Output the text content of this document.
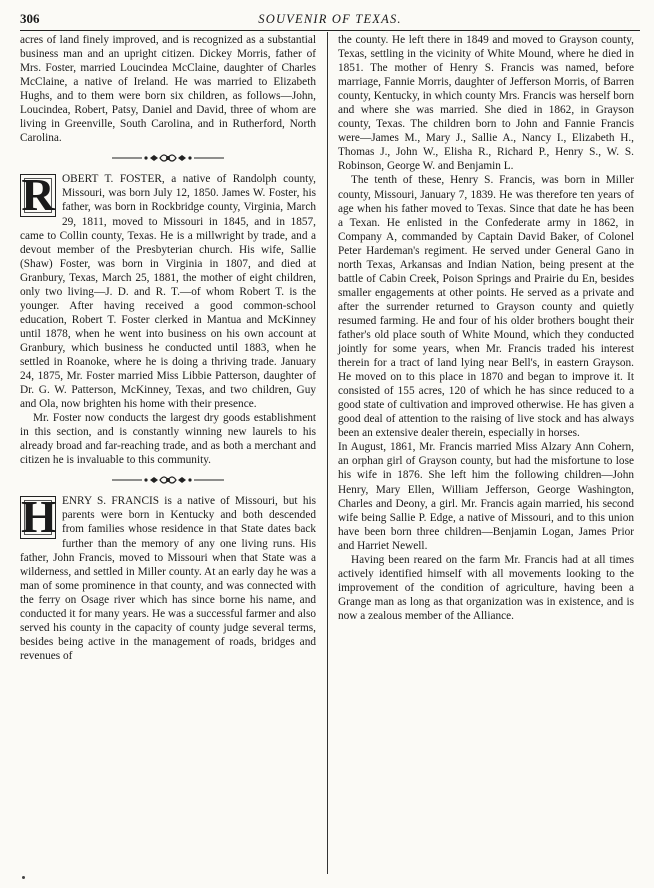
306	SOUVENIR OF TEXAS.

acres of land finely improved, and is recognized as a substantial business man and an upright citizen. Dickey Morris, father of Mrs. Foster, married Loucindea McClaine, daughter of Charles McClaine, a native of Ireland. He was married to Elizabeth Hughs, and to them were born six children, as follows—John, Loucindea, Robert, Patsy, Daniel and David, three of whom are living in Greenville, South Carolina, and in Rutherford, North Carolina.

ROBERT T. FOSTER, a native of Randolph county, Missouri, was born July 12, 1850. James W. Foster, his father, was born in Rockbridge county, Virginia, March 29, 1811, moved to Missouri in 1845, and in 1857, came to Collin county, Texas. He is a millwright by trade, and a devout member of the Presbyterian church. His wife, Sallie (Shaw) Foster, was born in Virginia in 1807, and died at Granbury, Texas, March 25, 1881, the mother of eight children, only two living—J. D. and R. T.—of whom Robert T. is the younger. After having received a good common-school education, Robert T. Foster clerked in Mantua and McKinney until 1878, when he went into business on his own account at Granbury, which business he conducted until 1883, when he settled in Roanoke, where he is doing a thriving trade. January 24, 1875, Mr. Foster married Miss Libbie Patterson, daughter of Dr. G. W. Patterson, McKinney, Texas, and two children, Guy and Ola, now brighten his home with their presence.

Mr. Foster now conducts the largest dry goods establishment in this section, and is constantly winning new laurels to his already broad and far-reaching trade, and as both a merchant and citizen he is invaluable to this community.

HENRY S. FRANCIS is a native of Missouri, but his parents were born in Kentucky and both descended from families whose residence in that State dates back further than the memory of any one living runs. His father, John Francis, moved to Missouri when that State was a wilderness, and settled in Miller county. At an early day he was a man of some prominence in that county, and was connected with the ferry on Osage river which has since borne his name, and conducted it for many years. He was a successful farmer and also served his county in the capacity of county judge several terms, besides being active in the management of roads, bridges and revenues of

the county. He left there in 1849 and moved to Grayson county, Texas, settling in the vicinity of White Mound, where he died in 1851. The mother of Henry S. Francis was named, before marriage, Fannie Morris, daughter of Jefferson Morris, of Barren county, Kentucky, in which county Mrs. Francis was herself born and where she was married. She died in 1862, in Grayson county, Texas. The children born to John and Fannie Francis were—James M., Mary J., Sallie A., Nancy I., Elizabeth H., Thomas J., John W., Elisha R., Richard P., Henry S., W. S. Robinson, George W. and Benjamin L.

The tenth of these, Henry S. Francis, was born in Miller county, Missouri, January 7, 1839. He was therefore ten years of age when his father moved to Texas. Since that date he has been a Texan. He enlisted in the Confederate army in 1862, in Company A, commanded by Captain David Baker, of Colonel Peter Hardeman's regiment. He served under General Gano in north Texas, Arkansas and Indian Nation, being present at the battle of Cabin Creek, Poison Springs and Prairie du En, besides smaller engagements at other points. He served as a private and after the surrender returned to Grayson county and quietly resumed farming. He and four of his older brothers bought their father's old place south of White Mound, which they conducted jointly for some years, when Mr. Francis traded his interest therein for a tract of land lying near Bell's, in eastern Grayson. He moved on to this place in 1870 and began to improve it. It consisted of 155 acres, 120 of which he has since reduced to a good state of cultivation and improved otherwise. He has given a good deal of attention to the raising of live stock and has always been an extensive dealer therein, especially in horses.

In August, 1861, Mr. Francis married Miss Alzary Ann Cohern, an orphan girl of Grayson county, but had the misfortune to lose his wife in 1876. She left him the following children—John Henry, Mary Ellen, William Jefferson, George Washington, Charles and Deony, a girl. Mr. Francis again married, his second wife being Sallie P. Edge, a native of Missouri, and to this union have been born three children—Benjamin Logan, James Prior and Harriet Newell.

Having been reared on the farm Mr. Francis had at all times actively identified himself with all movements looking to the improvement of the condition of agriculture, having been a Grange man as long as that organization was in existence, and is now a zealous member of the Alliance.
